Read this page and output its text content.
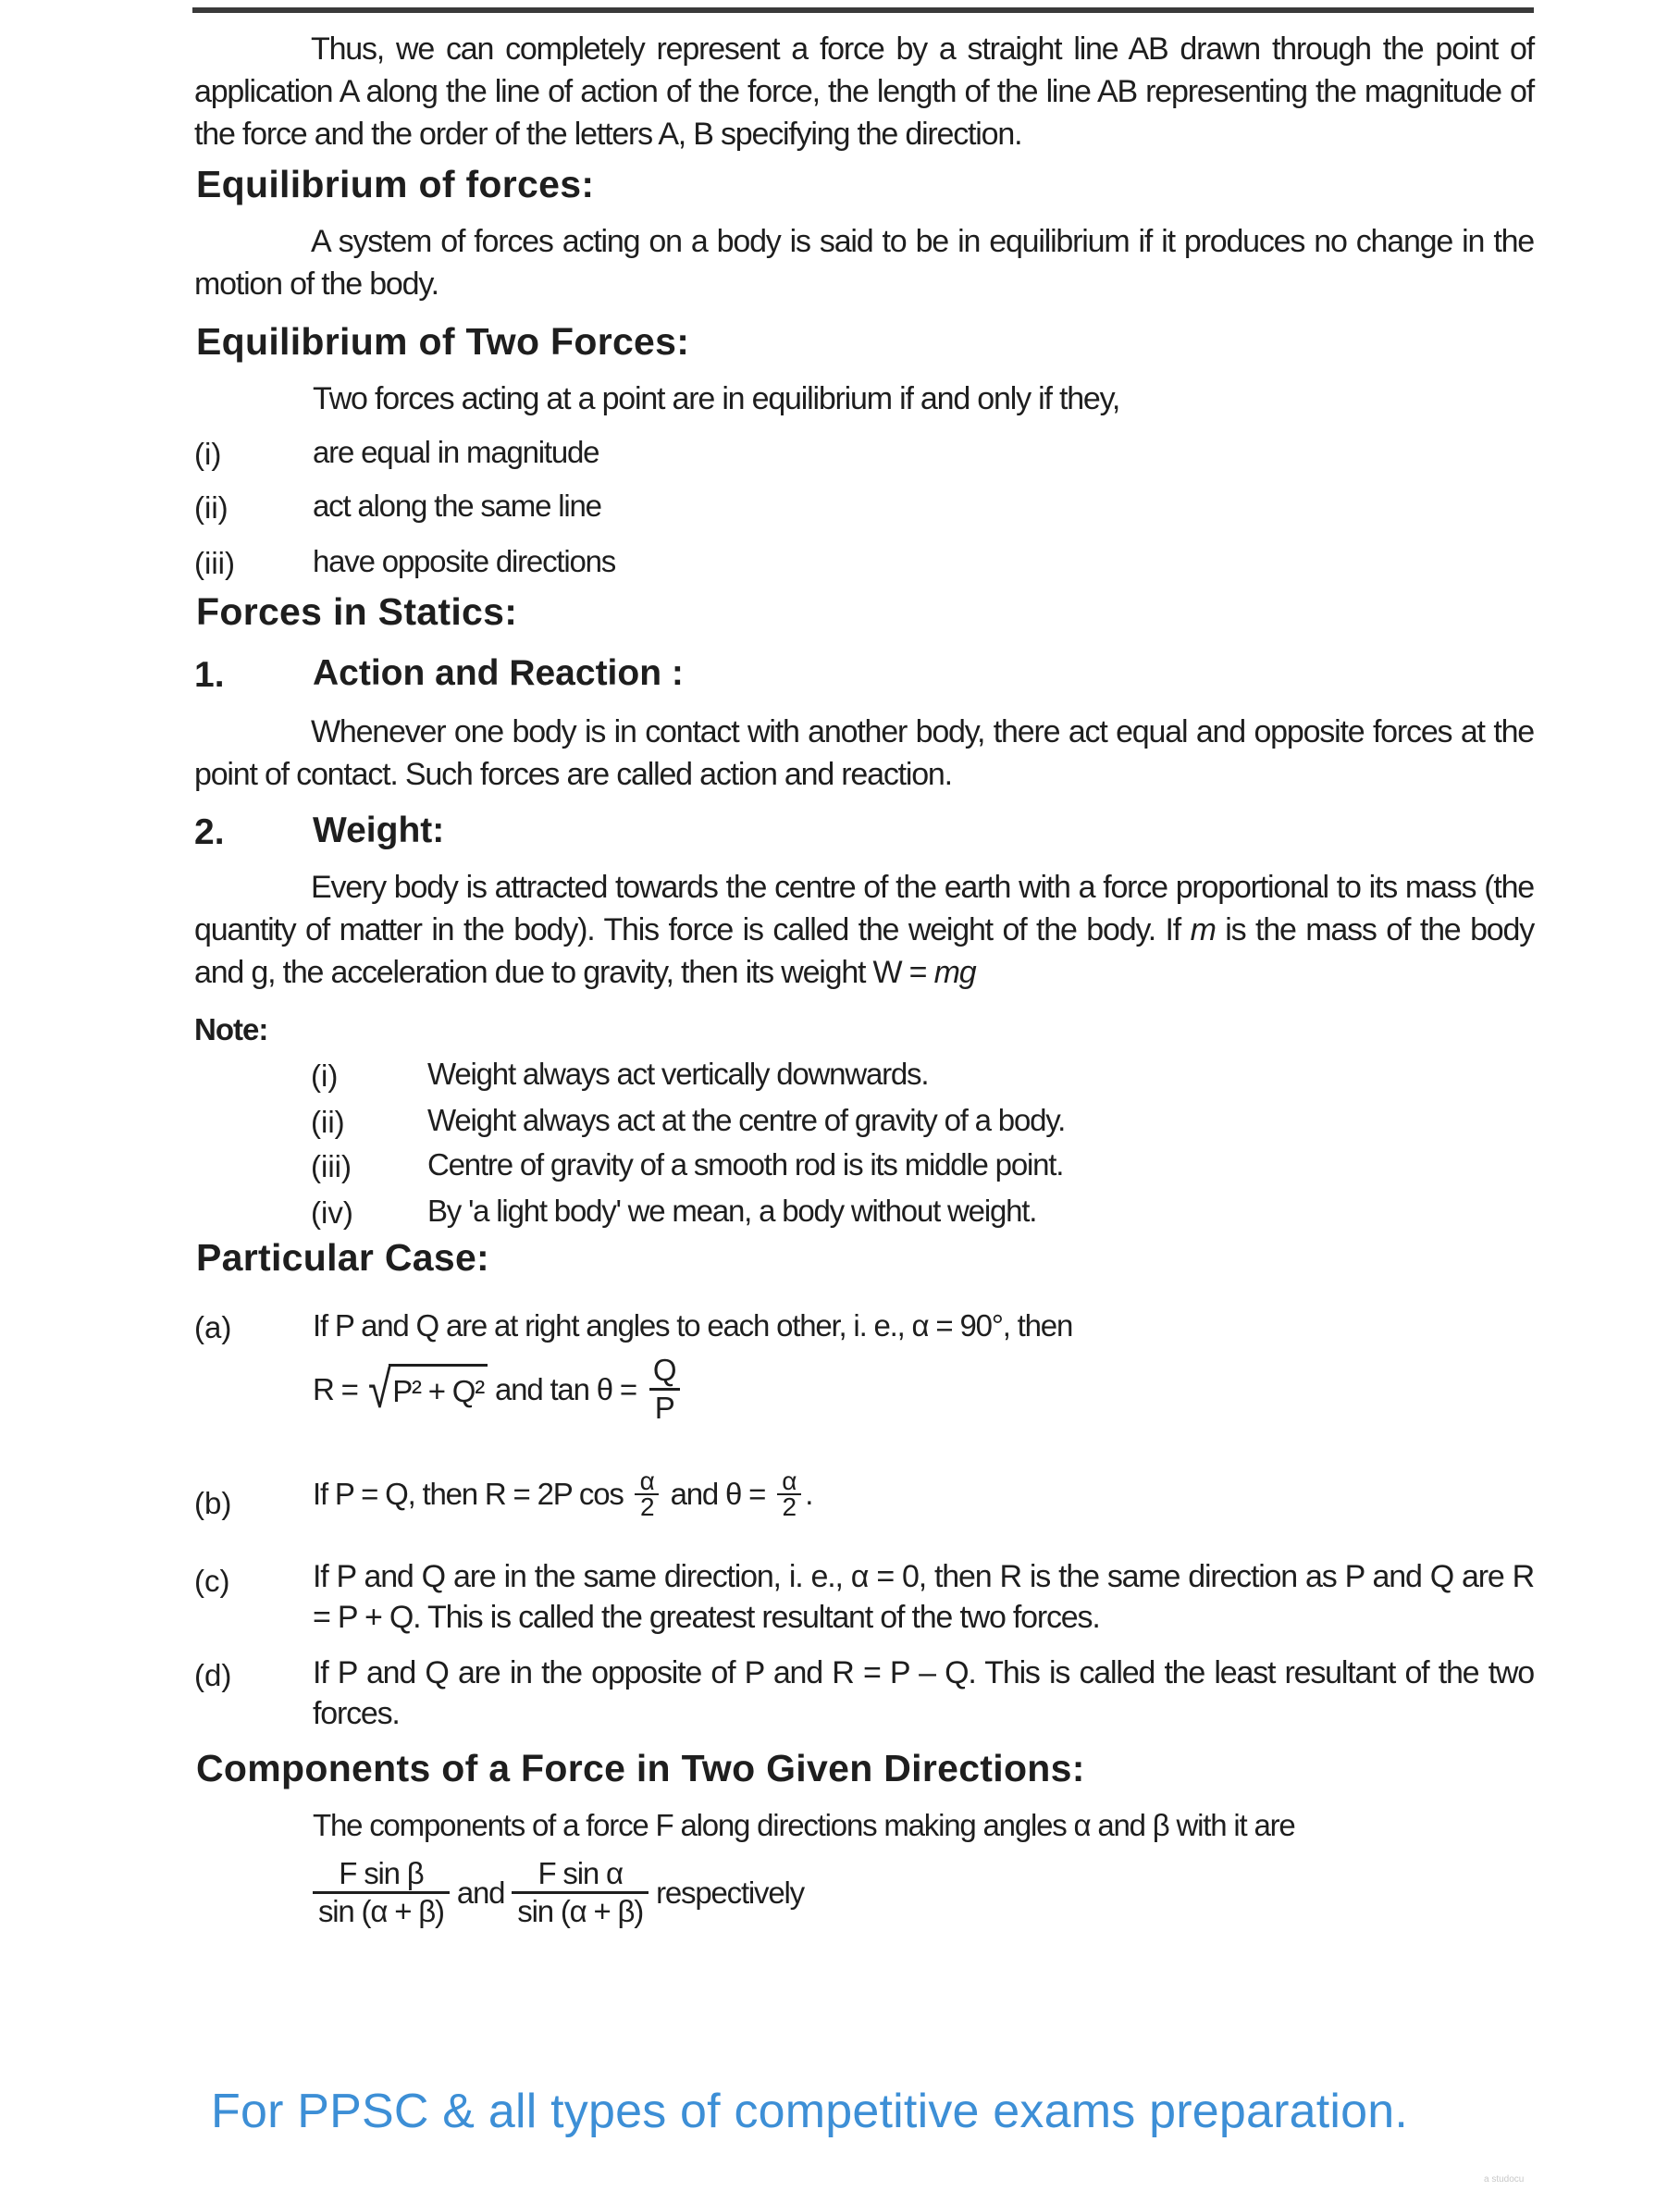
Thus, we can completely represent a force by a straight line AB drawn through the point of application A along the line of action of the force, the length of the line AB representing the magnitude of the force and the order of the letters A, B specifying the direction.
Equilibrium of forces:
A system of forces acting on a body is said to be in equilibrium if it produces no change in the motion of the body.
Equilibrium of Two Forces:
Two forces acting at a point are in equilibrium if and only if they,
(i)	are equal in magnitude
(ii)	act along the same line
(iii)	have opposite directions
Forces in Statics:
1. Action and Reaction :
Whenever one body is in contact with another body, there act equal and opposite forces at the point of contact. Such forces are called action and reaction.
2. Weight:
Every body is attracted towards the centre of the earth with a force proportional to its mass (the quantity of matter in the body). This force is called the weight of the body. If m is the mass of the body and g, the acceleration due to gravity, then its weight W = mg
Note:
(i)	Weight always act vertically downwards.
(ii)	Weight always act at the centre of gravity of a body.
(iii) Centre of gravity of a smooth rod is its middle point.
(iv) By 'a light body' we mean, a body without weight.
Particular Case:
(a)	If P and Q are at right angles to each other, i. e., α = 90°, then
R = √ P² + Q² and $\tan \theta = \frac{Q}{P}$
(b)	If P = Q, then R = 2P $\cos \frac{\alpha}{2}$ and $\theta = \frac{\alpha}{2}$ .
(c)	If P and Q are in the same direction, i. e., α = 0, then R is the same direction as P and Q are R = P + Q. This is called the greatest resultant of the two forces.
(d)	If P and Q are in the opposite of P and R = P – Q. This is called the least resultant of the two forces.
Components of a Force in Two Given Directions:
The components of a force F along directions making angles α and β with it are
$\frac{\text{F sin β}}{\sin (\alpha + \beta)}$ and $\frac{\text{F sin α}}{\sin (\alpha + \beta)}$ respectively
For PPSC & all types of competitive exams preparation.
a studocu
